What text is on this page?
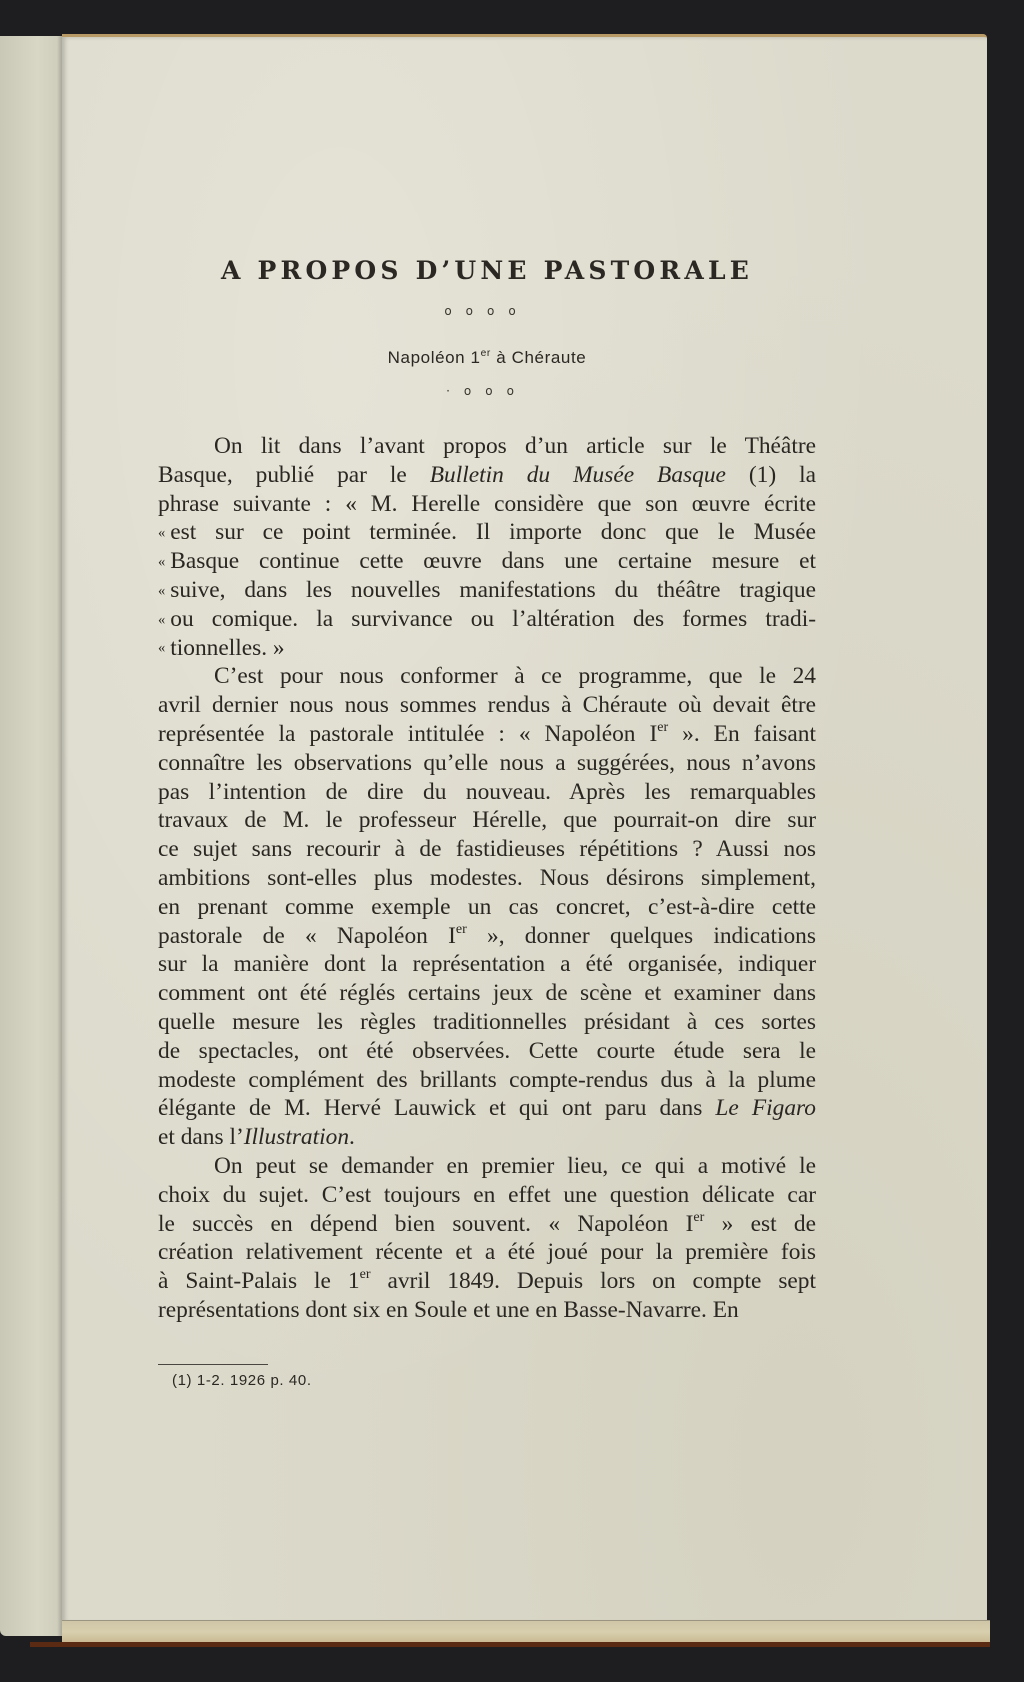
A PROPOS D’UNE PASTORALE
oooo
Napoléon 1er à Chéraute
·ooo
On lit dans l’avant propos d’un article sur le Théâtre
Basque, publié par le Bulletin du Musée Basque (1) la
phrase suivante : « M. Herelle considère que son œuvre écrite
« est sur ce point terminée. Il importe donc que le Musée
« Basque continue cette œuvre dans une certaine mesure et
« suive, dans les nouvelles manifestations du théâtre tragique
« ou comique. la survivance ou l’altération des formes tradi-
« tionnelles. »
C’est pour nous conformer à ce programme, que le 24
avril dernier nous nous sommes rendus à Chéraute où devait être
représentée la pastorale intitulée : « Napoléon Ier ». En faisant
connaître les observations qu’elle nous a suggérées, nous n’avons
pas l’intention de dire du nouveau. Après les remarquables
travaux de M. le professeur Hérelle, que pourrait-on dire sur
ce sujet sans recourir à de fastidieuses répétitions ? Aussi nos
ambitions sont-elles plus modestes. Nous désirons simplement,
en prenant comme exemple un cas concret, c’est-à-dire cette
pastorale de « Napoléon Ier », donner quelques indications
sur la manière dont la représentation a été organisée, indiquer
comment ont été réglés certains jeux de scène et examiner dans
quelle mesure les règles traditionnelles présidant à ces sortes
de spectacles, ont été observées. Cette courte étude sera le
modeste complément des brillants compte-rendus dus à la plume
élégante de M. Hervé Lauwick et qui ont paru dans Le Figaro
et dans l’Illustration.
On peut se demander en premier lieu, ce qui a motivé le
choix du sujet. C’est toujours en effet une question délicate car
le succès en dépend bien souvent. « Napoléon Ier » est de
création relativement récente et a été joué pour la première fois
à Saint-Palais le 1er avril 1849. Depuis lors on compte sept
représentations dont six en Soule et une en Basse-Navarre. En
(1) 1-2. 1926 p. 40.
